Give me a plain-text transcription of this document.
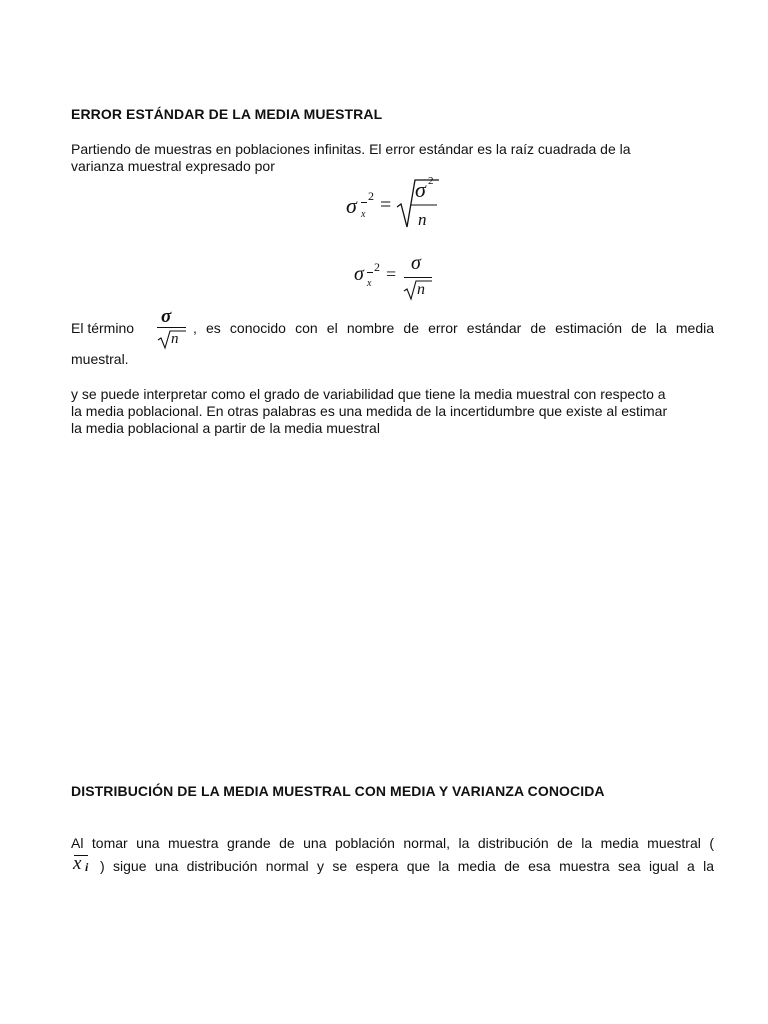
ERROR ESTÁNDAR DE LA MEDIA MUESTRAL
Partiendo de muestras en poblaciones infinitas. El error estándar es la raíz cuadrada de la
varianza muestral expresado por
σ x
2 =
σ 2
n
σ x
2 = σ
n
El término
σ
n
, es conocido con el nombre de error estándar de estimación de la media
muestral.
y se puede interpretar como el grado de variabilidad que tiene la media muestral con respecto a
la media poblacional. En otras palabras es una medida de la incertidumbre que existe al estimar
la media poblacional a partir de la media muestral
DISTRIBUCIÓN DE LA MEDIA MUESTRAL CON MEDIA Y VARIANZA CONOCIDA
Al tomar una muestra grande de una población normal, la distribución de la media muestral (
x i ) sigue una distribución normal y se espera que la media de esa muestra sea igual a la
